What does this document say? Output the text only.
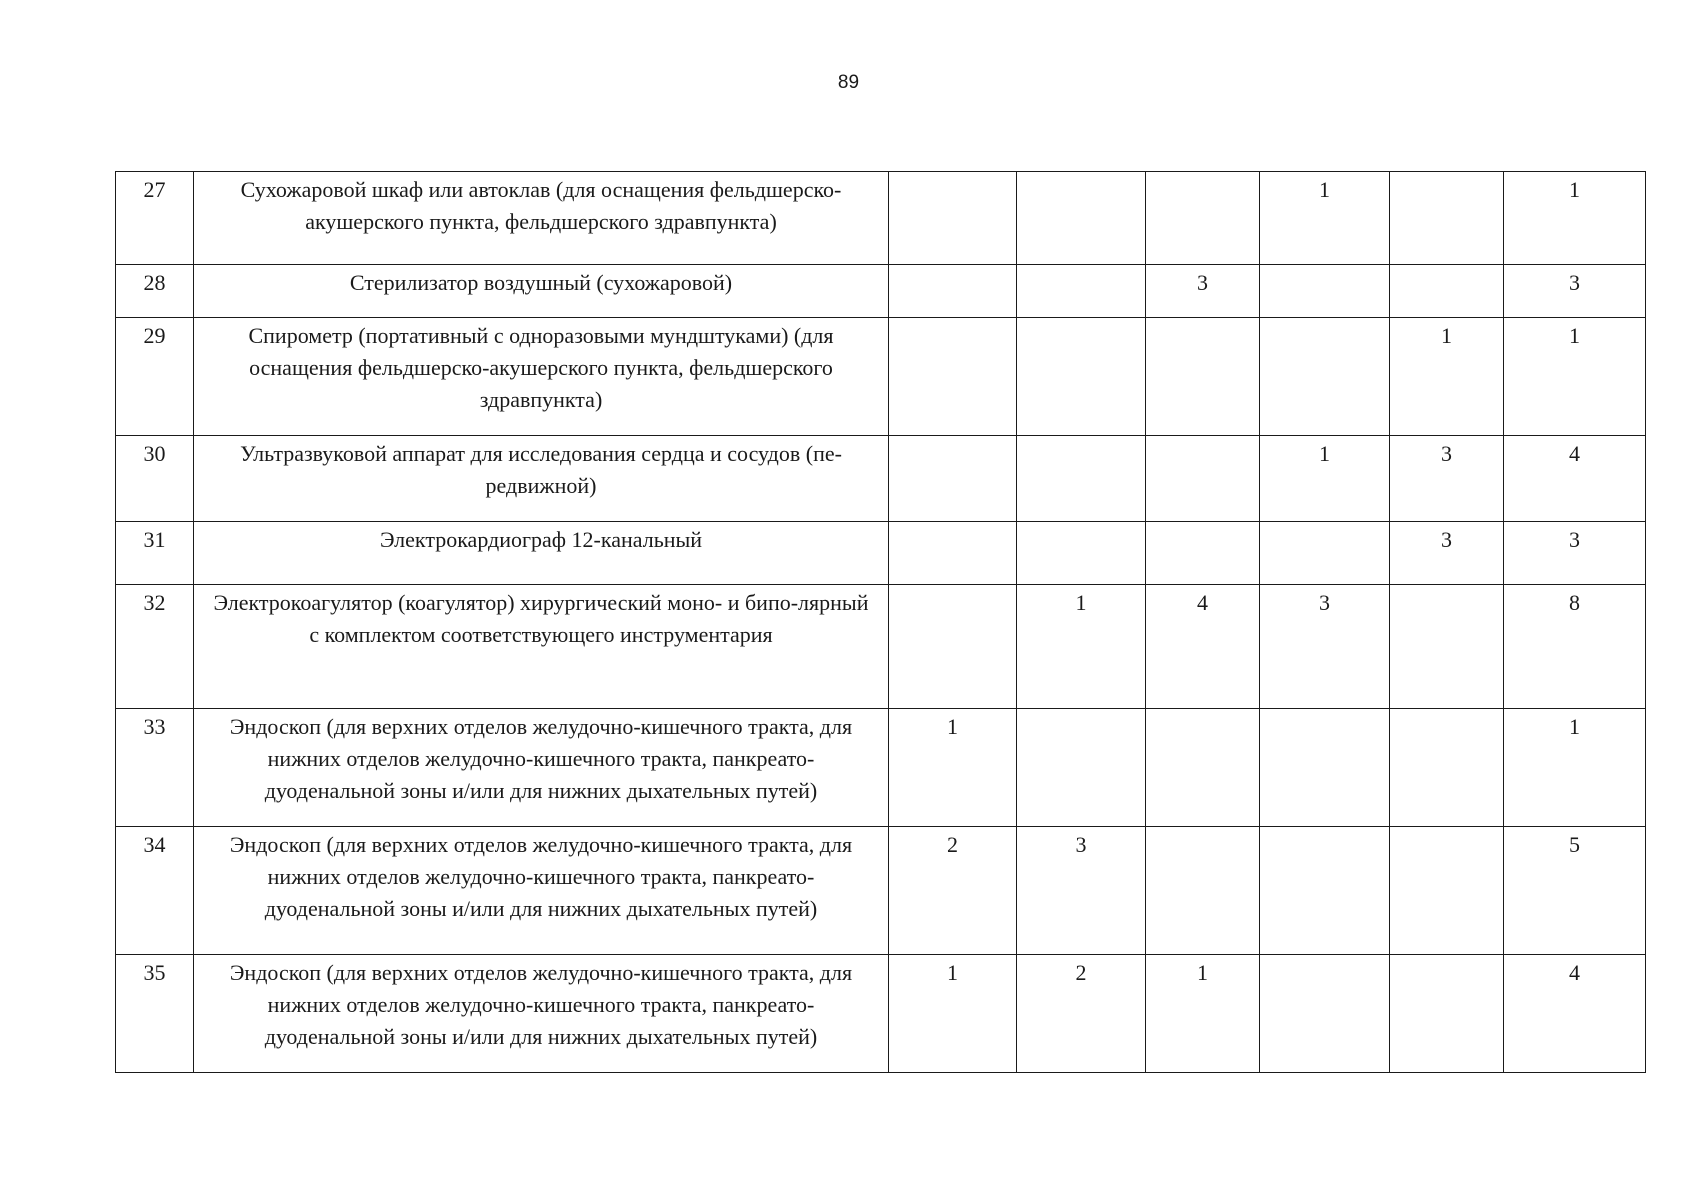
89
27	Сухожаровой шкаф или автоклав (для оснащения фельдшерско-акушерского пункта, фельдшерского здравпункта)				1		1
28	Стерилизатор воздушный (сухожаровой)			3			3
29	Спирометр (портативный с одноразовыми мундштуками) (для оснащения фельдшерско-акушерского пункта, фельдшерского здравпункта)					1	1
30	Ультразвуковой аппарат для исследования сердца и сосудов (пе-редвижной)				1	3	4
31	Электрокардиограф 12-канальный					3	3
32	Электрокоагулятор (коагулятор) хирургический моно- и бипо-лярный с комплектом соответствующего инструментария		1	4	3		8
33	Эндоскоп (для верхних отделов желудочно-кишечного тракта, для нижних отделов желудочно-кишечного тракта, панкреато-дуоденальной зоны и/или для нижних дыхательных путей)	1					1
34	Эндоскоп (для верхних отделов желудочно-кишечного тракта, для нижних отделов желудочно-кишечного тракта, панкреато-дуоденальной зоны и/или для нижних дыхательных путей)	2	3				5
35	Эндоскоп (для верхних отделов желудочно-кишечного тракта, для нижних отделов желудочно-кишечного тракта, панкреато-дуоденальной зоны и/или для нижних дыхательных путей)	1	2	1			4
